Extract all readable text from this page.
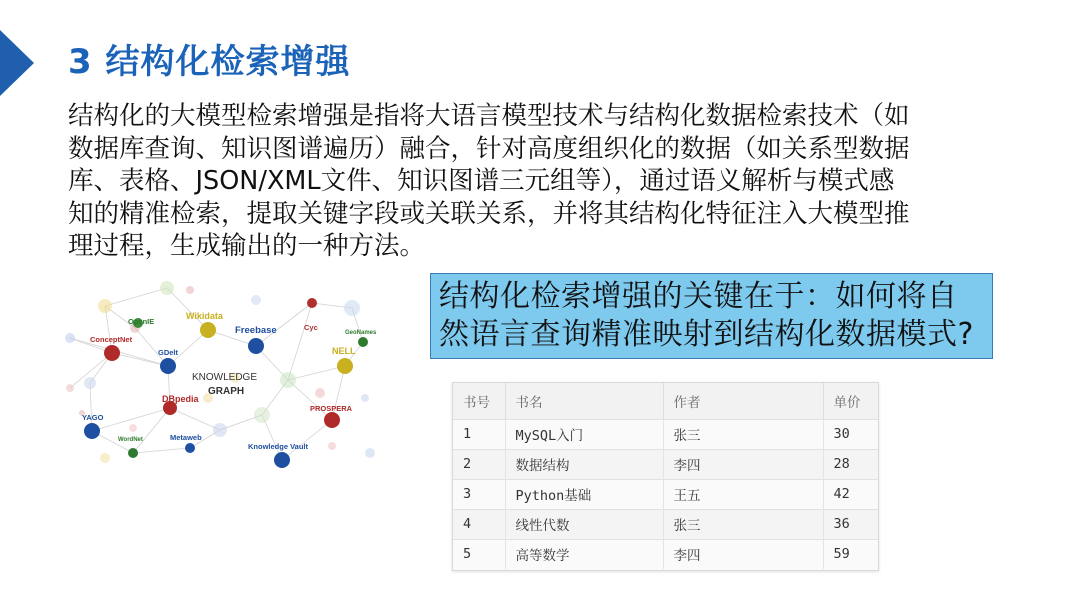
3 结构化检索增强
结构化的大模型检索增强是指将大语言模型技术与结构化数据检索技术（如
数据库查询、知识图谱遍历）融合，针对高度组织化的数据（如关系型数据
库、表格、JSON/XML文件、知识图谱三元组等），通过语义解析与模式感
知的精准检索，提取关键字段或关联关系，并将其结构化特征注入大模型推
理过程，生成输出的一种方法。
OpenIE
Wikidata
Freebase	Cyc
GeoNames
ConceptNet
GDelt	NELL
KNOWLEDGE
GRAPH
DBpedia
PROSPERA
YAGO
WordNet	Metaweb
Knowledge Vault

结构化检索增强的关键在于：如何将自

然语言查询精准映射到结构化数据模式?

书号	书名	作者	单价
1	MySQL入门	张三	30
2	数据结构	李四	28
3	Python基础	王五	42
4	线性代数	张三	36
5	高等数学	李四	59
